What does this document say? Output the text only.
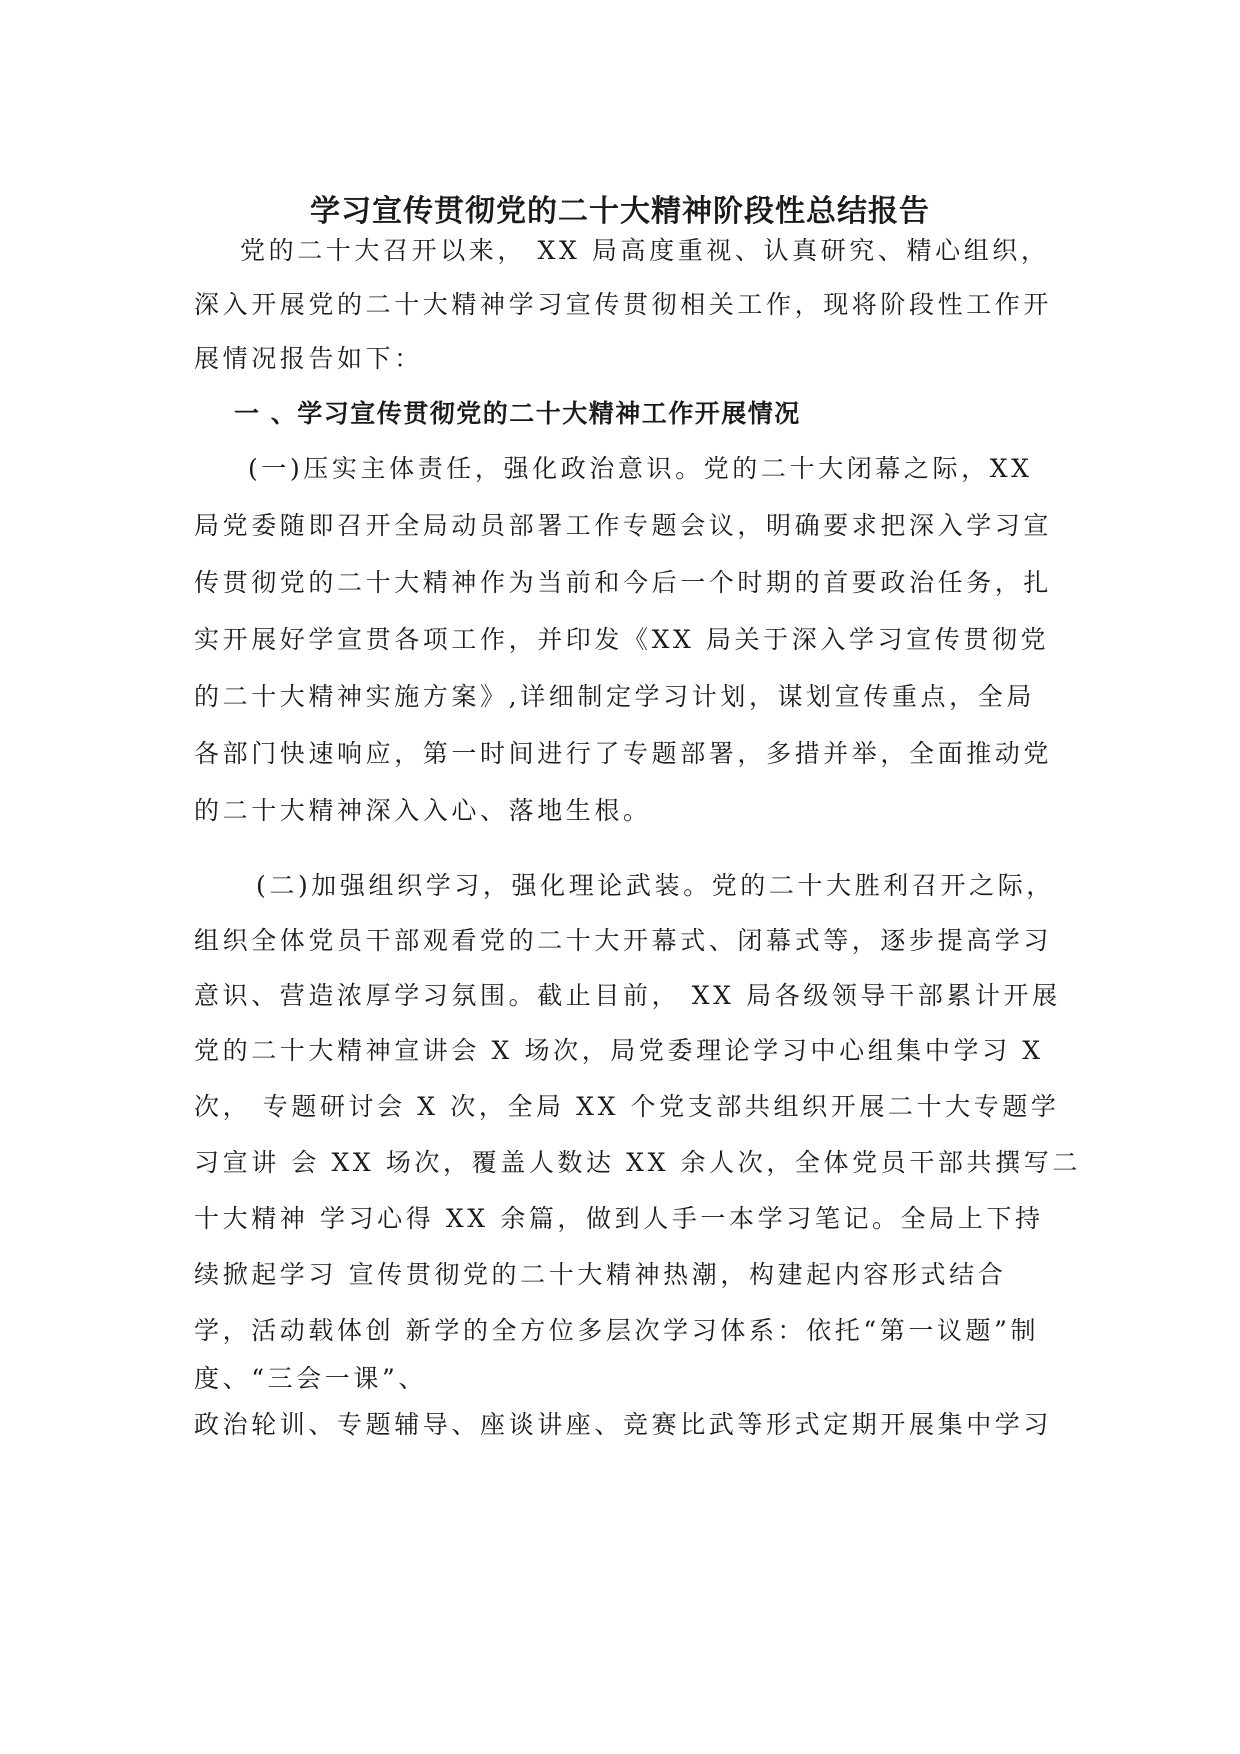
学习宣传贯彻党的二十大精神阶段性总结报告
党的二十大召开以来， XX 局高度重视、认真研究、精心组织，
深入开展党的二十大精神学习宣传贯彻相关工作，现将阶段性工作开
展情况报告如下：
一 、学习宣传贯彻党的二十大精神工作开展情况
(一)压实主体责任，强化政治意识。党的二十大闭幕之际，XX
局党委随即召开全局动员部署工作专题会议，明确要求把深入学习宣
传贯彻党的二十大精神作为当前和今后一个时期的首要政治任务，扎
实开展好学宣贯各项工作，并印发《XX 局关于深入学习宣传贯彻党
的二十大精神实施方案》,详细制定学习计划，谋划宣传重点，全局
各部门快速响应，第一时间进行了专题部署，多措并举，全面推动党
的二十大精神深入入心、落地生根。
(二)加强组织学习，强化理论武装。党的二十大胜利召开之际，
组织全体党员干部观看党的二十大开幕式、闭幕式等，逐步提高学习
意识、营造浓厚学习氛围。截止目前， XX 局各级领导干部累计开展
党的二十大精神宣讲会 X 场次，局党委理论学习中心组集中学习 X
次， 专题研讨会 X 次，全局 XX 个党支部共组织开展二十大专题学
习宣讲 会 XX 场次，覆盖人数达 XX 余人次，全体党员干部共撰写二
十大精神 学习心得 XX 余篇，做到人手一本学习笔记。全局上下持
续掀起学习 宣传贯彻党的二十大精神热潮，构建起内容形式结合
学，活动载体创 新学的全方位多层次学习体系：依托“第一议题”制
度、“三会一课”、
政治轮训、专题辅导、座谈讲座、竞赛比武等形式定期开展集中学习
